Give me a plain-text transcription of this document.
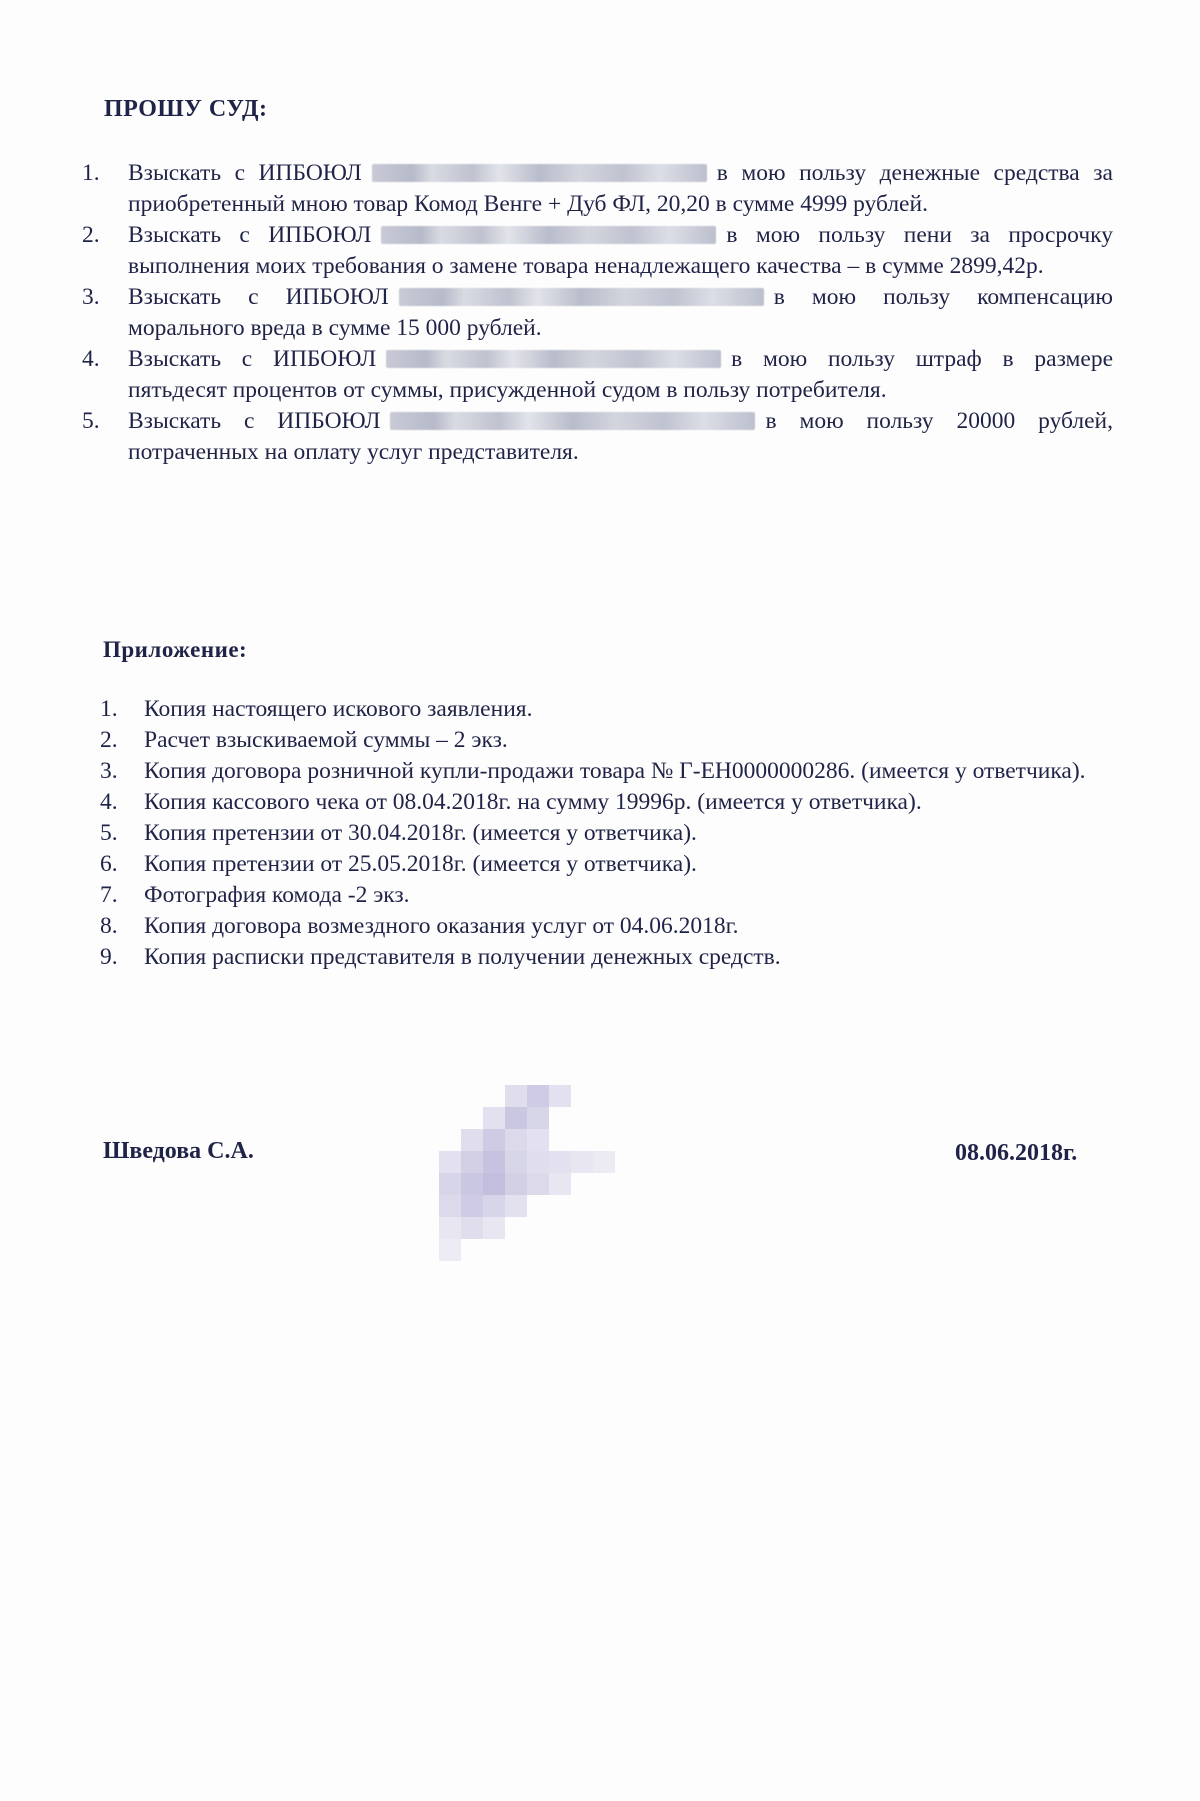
ПРОШУ СУД:
1. Взыскать с ИПБОЮЛ	в мою пользу денежные средства за приобретенный мною товар Комод Венге + Дуб ФЛ, 20,20 в сумме 4999 рублей.
2. Взыскать с ИПБОЮЛ	в мою пользу пени за просрочку выполнения моих требования о замене товара ненадлежащего качества – в сумме 2899,42р.
3. Взыскать с ИПБОЮЛ	в мою пользу компенсацию морального вреда в сумме 15 000 рублей.
4. Взыскать с ИПБОЮЛ	в мою пользу штраф в размере пятьдесят процентов от суммы, присужденной судом в пользу потребителя.
5. Взыскать с ИПБОЮЛ	в мою пользу 20000 рублей, потраченных на оплату услуг представителя.
Приложение:
1. Копия настоящего искового заявления.
2. Расчет взыскиваемой суммы – 2 экз.
3. Копия договора розничной купли-продажи товара № Г-ЕН0000000286. (имеется у ответчика).
4. Копия кассового чека от 08.04.2018г. на сумму 19996р. (имеется у ответчика).
5. Копия претензии от 30.04.2018г. (имеется у ответчика).
6. Копия претензии от 25.05.2018г. (имеется у ответчика).
7. Фотография комода -2 экз.
8. Копия договора возмездного оказания услуг от 04.06.2018г.
9. Копия расписки представителя в получении денежных средств.
Шведова С.А.	08.06.2018г.
